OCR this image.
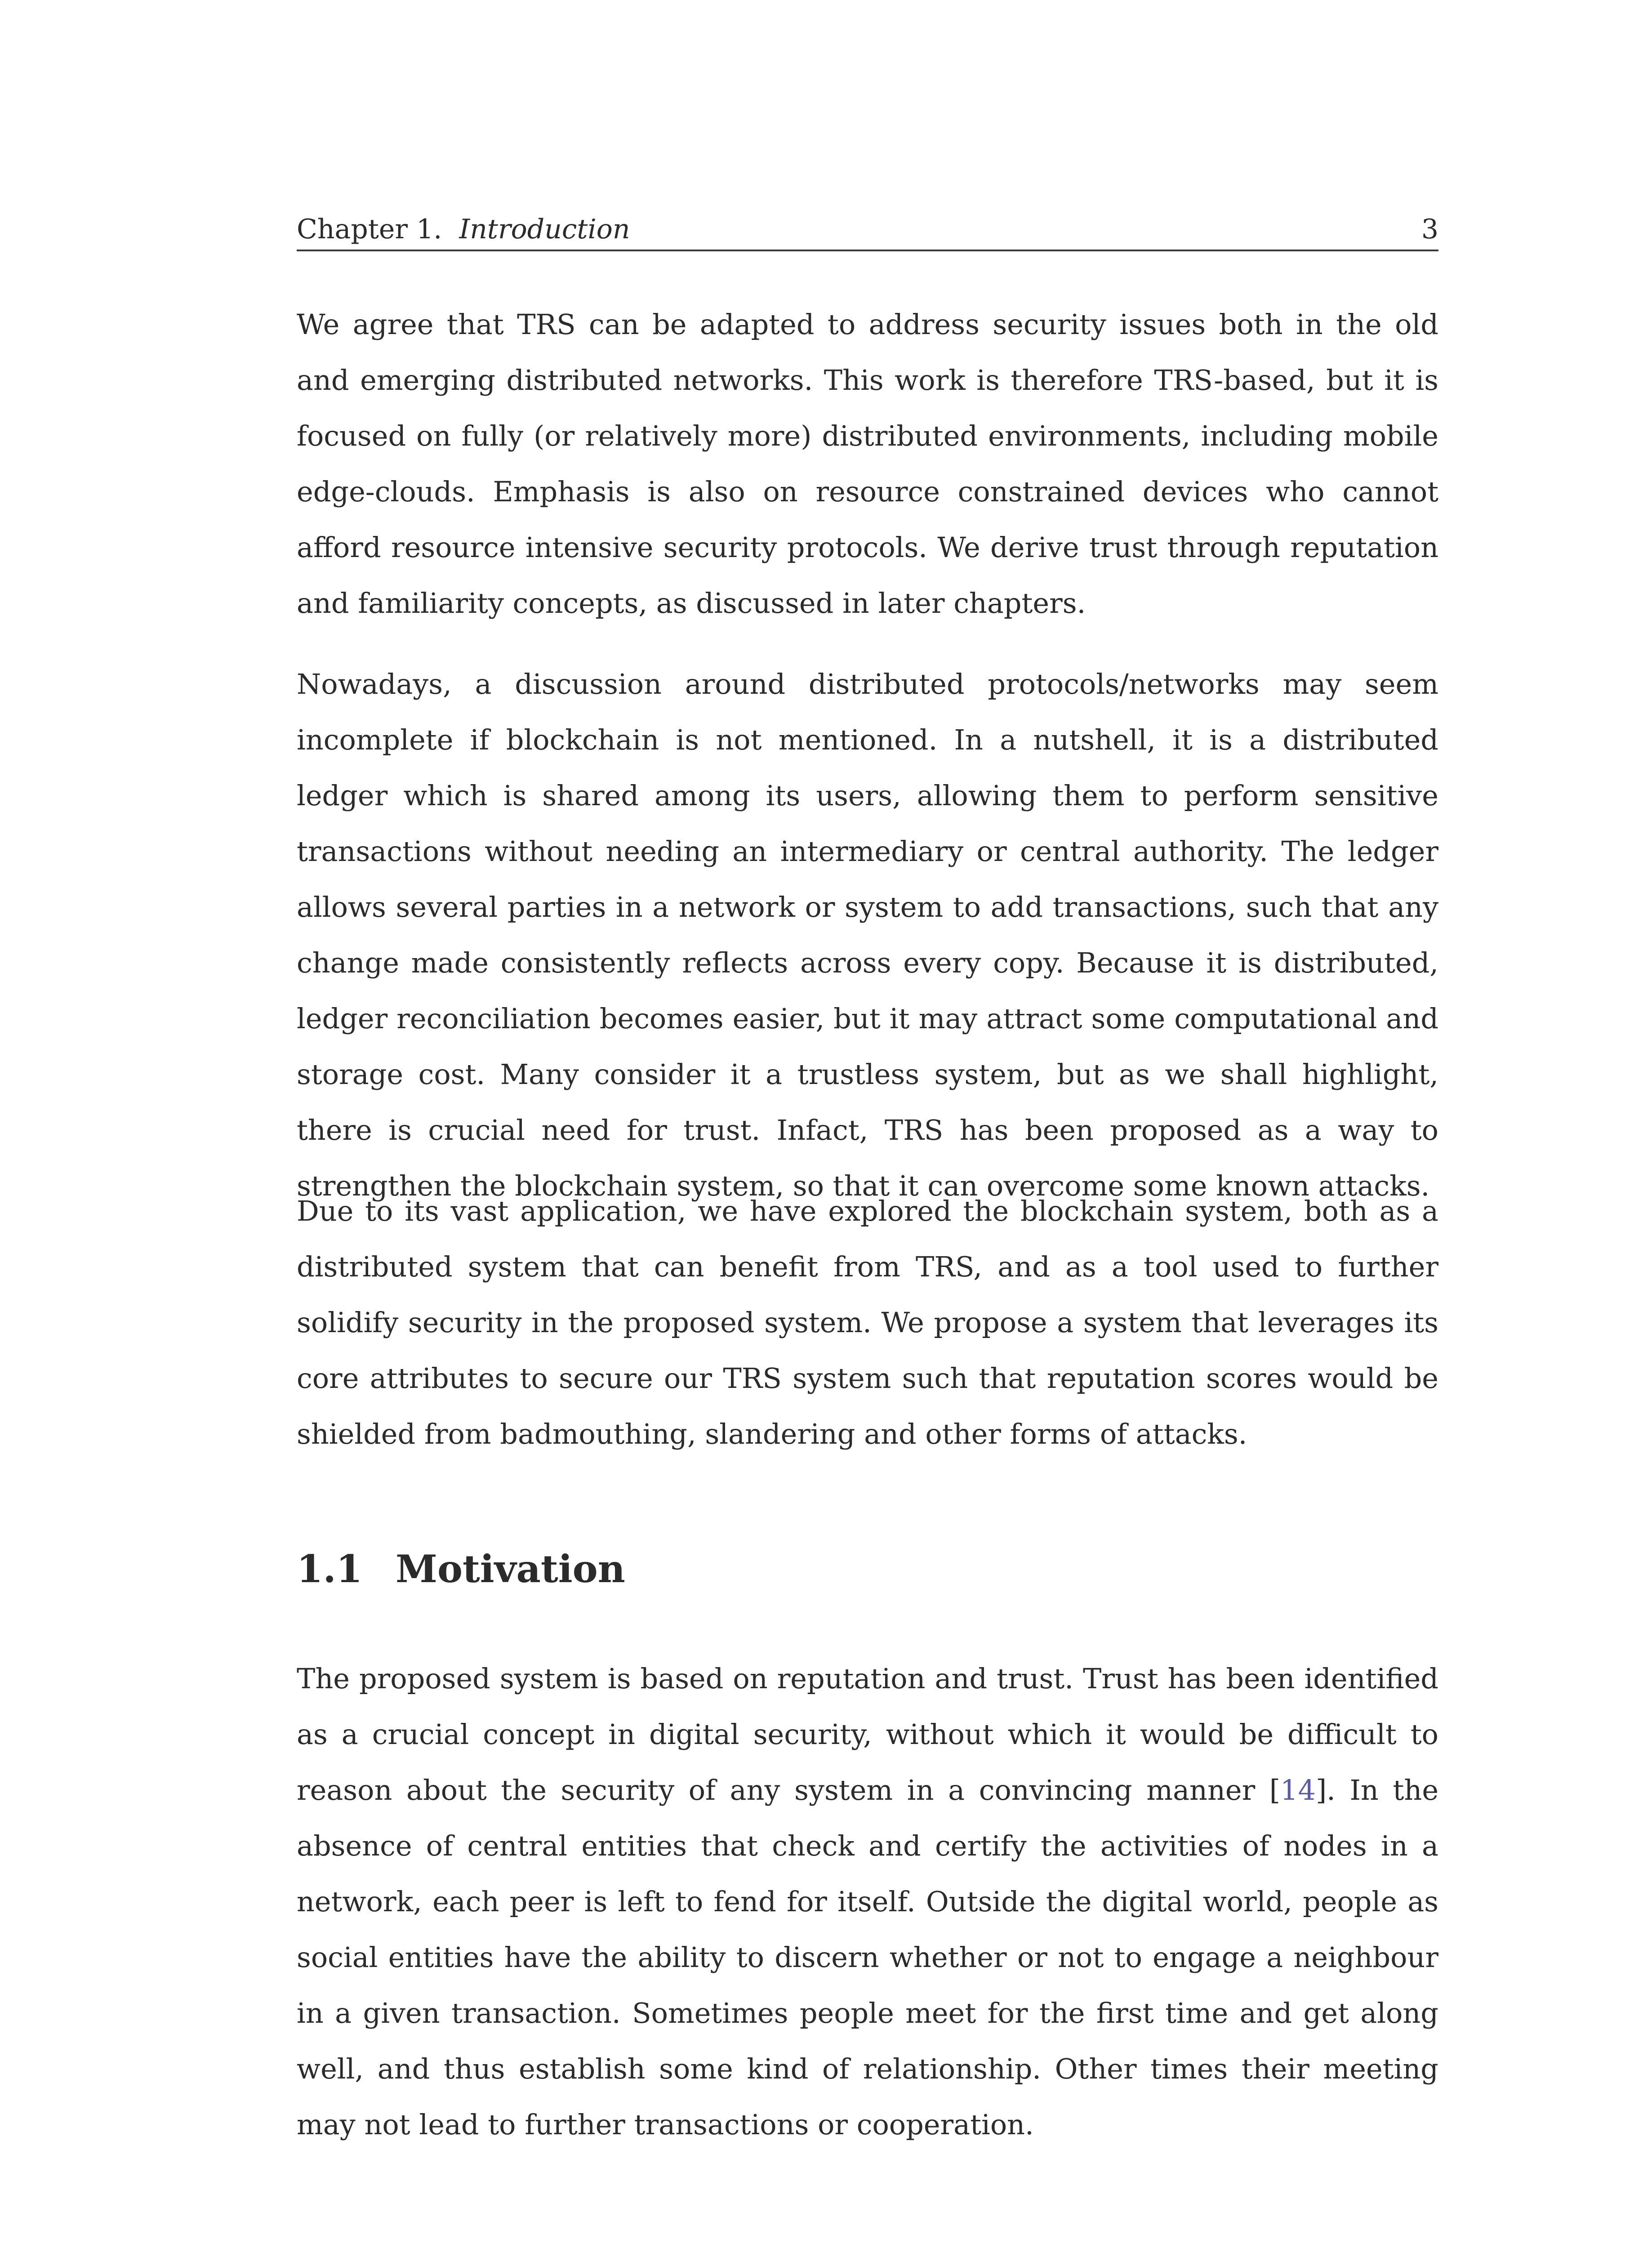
Chapter 1. Introduction	3

We agree that TRS can be adapted to address security issues both in the old and emerging distributed networks. This work is therefore TRS-based, but it is focused on fully (or relatively more) distributed environments, including mobile edge-clouds. Emphasis is also on resource constrained devices who cannot afford resource intensive security protocols. We derive trust through reputation and familiarity concepts, as discussed in later chapters.

Nowadays, a discussion around distributed protocols/networks may seem incomplete if blockchain is not mentioned. In a nutshell, it is a distributed ledger which is shared among its users, allowing them to perform sensitive transactions without needing an intermediary or central authority. The ledger allows several parties in a network or system to add transactions, such that any change made consistently reflects across every copy. Because it is distributed, ledger reconciliation becomes easier, but it may attract some computational and storage cost. Many consider it a trustless system, but as we shall highlight, there is crucial need for trust. Infact, TRS has been proposed as a way to strengthen the blockchain system, so that it can overcome some known attacks.

Due to its vast application, we have explored the blockchain system, both as a distributed system that can benefit from TRS, and as a tool used to further solidify security in the proposed system. We propose a system that leverages its core attributes to secure our TRS system such that reputation scores would be shielded from badmouthing, slandering and other forms of attacks.

1.1 Motivation

The proposed system is based on reputation and trust. Trust has been identified as a crucial concept in digital security, without which it would be difficult to reason about the security of any system in a convincing manner [14]. In the absence of central entities that check and certify the activities of nodes in a network, each peer is left to fend for itself. Outside the digital world, people as social entities have the ability to discern whether or not to engage a neighbour in a given transaction. Sometimes people meet for the first time and get along well, and thus establish some kind of relationship. Other times their meeting may not lead to further transactions or cooperation.
